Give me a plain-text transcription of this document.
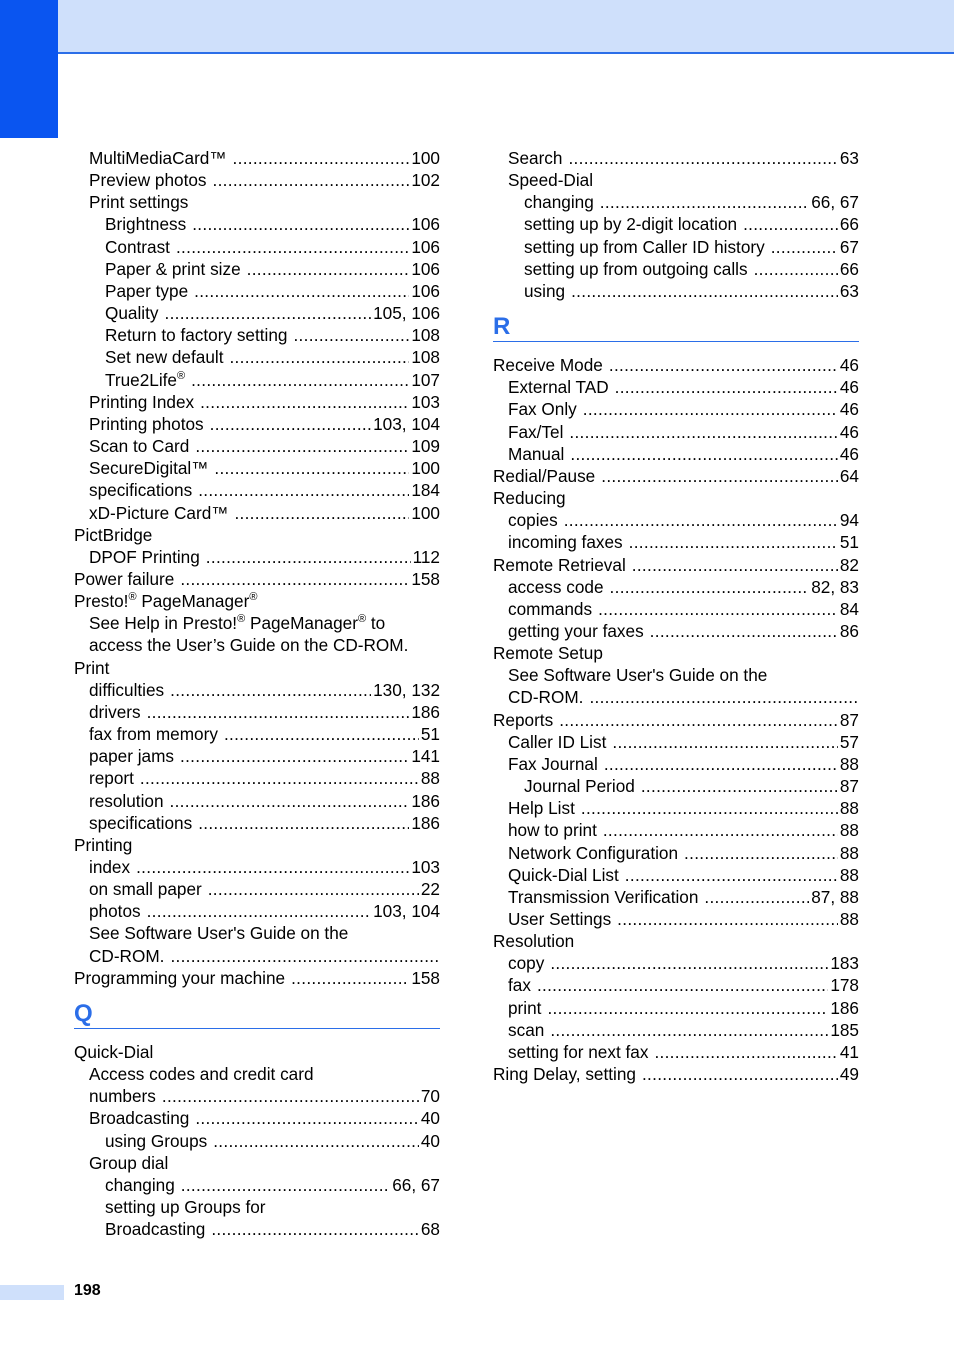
MultiMediaCard™ .....	100
Preview photos .....	102
Print settings
Brightness .....	106
Contrast .....	106
Paper & print size .....	106
Paper type .....	106
Quality .....	105, 106
Return to factory setting .....	108
Set new default .....	108
True2Life® .....	107
Printing Index .....	103
Printing photos .....	103, 104
Scan to Card .....	109
SecureDigital™ .....	100
specifications .....	184
xD-Picture Card™ .....	100
PictBridge
DPOF Printing .....	112
Power failure .....	158
Presto!® PageManager®
See Help in Presto!® PageManager® to
access the User’s Guide on the CD-ROM.
Print
difficulties .....	130, 132
drivers .....	186
fax from memory .....	51
paper jams .....	141
report .....	88
resolution .....	186
specifications .....	186
Printing
index .....	103
on small paper .....	22
photos .....	103, 104
See Software User's Guide on the
CD-ROM.
.....
Programming your machine .....	158
Q
Quick-Dial
Access codes and credit card
numbers .....	70
Broadcasting .....	40
using Groups .....	40
Group dial
changing .....	66, 67
setting up Groups for
Broadcasting .....	68
Search .....	63
Speed-Dial
changing .....	66, 67
setting up by 2-digit location .....	66
setting up from Caller ID history .....	67
setting up from outgoing calls .....	66
using .....	63
R
Receive Mode .....	46
External TAD .....	46
Fax Only .....	46
Fax/Tel .....	46
Manual .....	46
Redial/Pause .....	64
Reducing
copies .....	94
incoming faxes .....	51
Remote Retrieval .....	82
access code .....	82, 83
commands .....	84
getting your faxes .....	86
Remote Setup
See Software User's Guide on the
CD-ROM.
.....
Reports .....	87
Caller ID List .....	57
Fax Journal .....	88
Journal Period .....	87
Help List .....	88
how to print .....	88
Network Configuration .....	88
Quick-Dial List .....	88
Transmission Verification .....	87, 88
User Settings .....	88
Resolution
copy .....	183
fax .....	178
print .....	186
scan .....	185
setting for next fax .....	41
Ring Delay, setting .....	49
198
